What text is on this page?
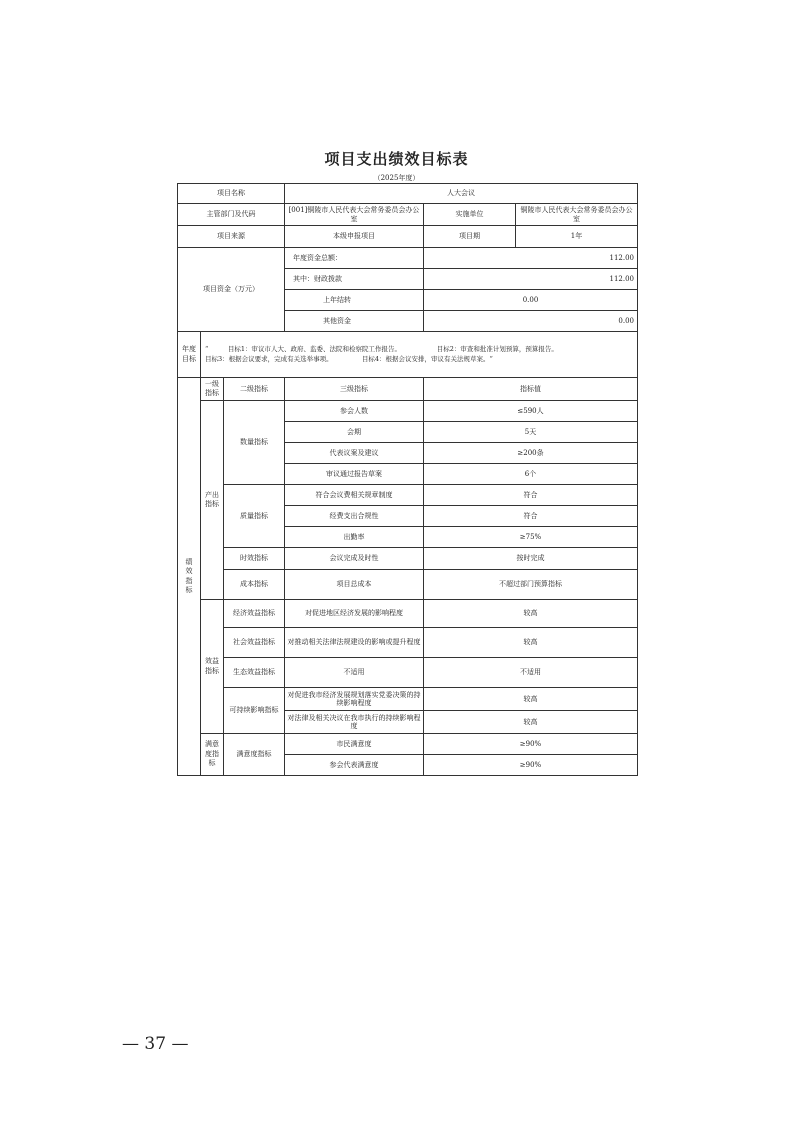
项目支出绩效目标表
（2025年度）
项目名称			人大会议		
主管部门及代码			[001]铜陵市人民代表大会常务委员会办公室	实施单位	铜陵市人民代表大会常务委员会办公室
项目来源			本级申报项目	项目期	1年
项目资金（万元）			年度资金总额：	112.00	
			其中：财政拨款	112.00	
			上年结转	0.00	
			其他资金	0.00	
年度目标	“　　　目标1：审议市人大、政府、监委、法院和检察院工作报告。　　　　　　目标2：审查和批准计划预算，预算报告。
目标3：根据会议要求，完成有关选举事项。　　　　　目标4：根据会议安排，审议有关法规草案。“				

绩效指标	一级指标	二级指标	三级指标	指标值	
	产出指标	数量指标	参会人数	≤590人	
			会期	5天	
			代表议案及建议	≥200条	
			审议通过报告草案	6个	
		质量指标	符合会议费相关规章制度	符合	
			经费支出合规性	符合	
			出勤率	≥75%	
		时效指标	会议完成及时性	按时完成	
		成本指标	项目总成本	不超过部门预算指标	
	效益指标	经济效益指标	对促进地区经济发展的影响程度	较高	
		社会效益指标	对推动相关法律法规建设的影响或提升程度	较高	
		生态效益指标	不适用	不适用	
		可持续影响指标	对促进我市经济发展规划落实党委决策的持续影响程度	较高	
			对法律及相关决议在我市执行的持续影响程度	较高	
	满意度指标	满意度指标	市民满意度	≥90%	
			参会代表满意度	≥90%	
— 37 —
